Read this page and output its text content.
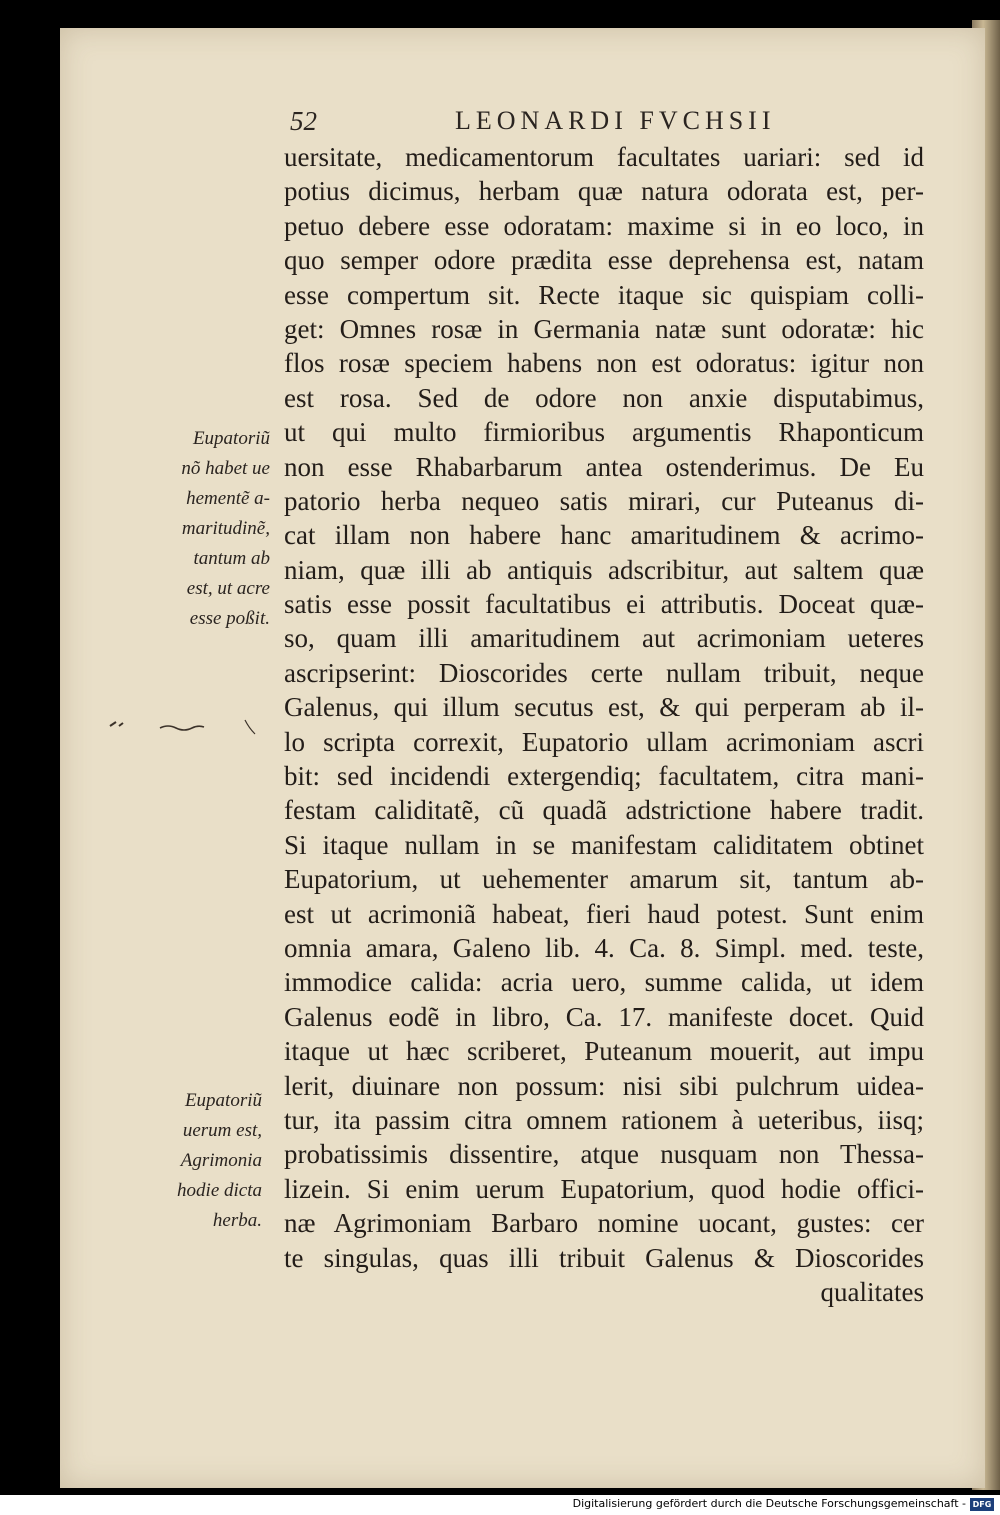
52	LEONARDI FVCHSII
uersitate, medicamentorum facultates uariari: sed id
potius dicimus, herbam quæ natura odorata est, per-
petuo debere esse odoratam: maxime si in eo loco, in
quo semper odore prædita esse deprehensa est, natam
esse compertum sit. Recte itaque sic quispiam colli-
get: Omnes rosæ in Germania natæ sunt odoratæ: hic
flos rosæ speciem habens non est odoratus: igitur non
est rosa. Sed de odore non anxie disputabimus,
ut qui multo firmioribus argumentis Rhaponticum
non esse Rhabarbarum antea ostenderimus. De Eu
patorio herba nequeo satis mirari, cur Puteanus di-
cat illam non habere hanc amaritudinem & acrimo-
niam, quæ illi ab antiquis adscribitur, aut saltem quæ
satis esse possit facultatibus ei attributis. Doceat quæ-
so, quam illi amaritudinem aut acrimoniam ueteres
ascripserint: Dioscorides certe nullam tribuit, neque
Galenus, qui illum secutus est, & qui perperam ab il-
lo scripta correxit, Eupatorio ullam acrimoniam ascri
bit: sed incidendi extergendiq; facultatem, citra mani-
festam caliditatẽ, cũ quadã adstrictione habere tradit.
Si itaque nullam in se manifestam caliditatem obtinet
Eupatorium, ut uehementer amarum sit, tantum ab-
est ut acrimoniã habeat, fieri haud potest. Sunt enim
omnia amara, Galeno lib. 4. Ca. 8. Simpl. med. teste,
immodice calida: acria uero, summe calida, ut idem
Galenus eodẽ in libro, Ca. 17. manifeste docet. Quid
itaque ut hæc scriberet, Puteanum mouerit, aut impu
lerit, diuinare non possum: nisi sibi pulchrum uidea-
tur, ita passim citra omnem rationem à ueteribus, iisq;
probatissimis dissentire, atque nusquam non Thessa-
lizein. Si enim uerum Eupatorium, quod hodie offici-
næ Agrimoniam Barbaro nomine uocant, gustes: cer
te singulas, quas illi tribuit Galenus & Dioscorides
qualitates
Eupatoriũ
nõ habet ue
hementẽ a-
maritudinẽ,
tantum ab
est, ut acre
esse poßit.
Eupatoriũ
uerum est,
Agrimonia
hodie dicta
herba.
Digitalisierung gefördert durch die Deutsche Forschungsgemeinschaft - DFG
